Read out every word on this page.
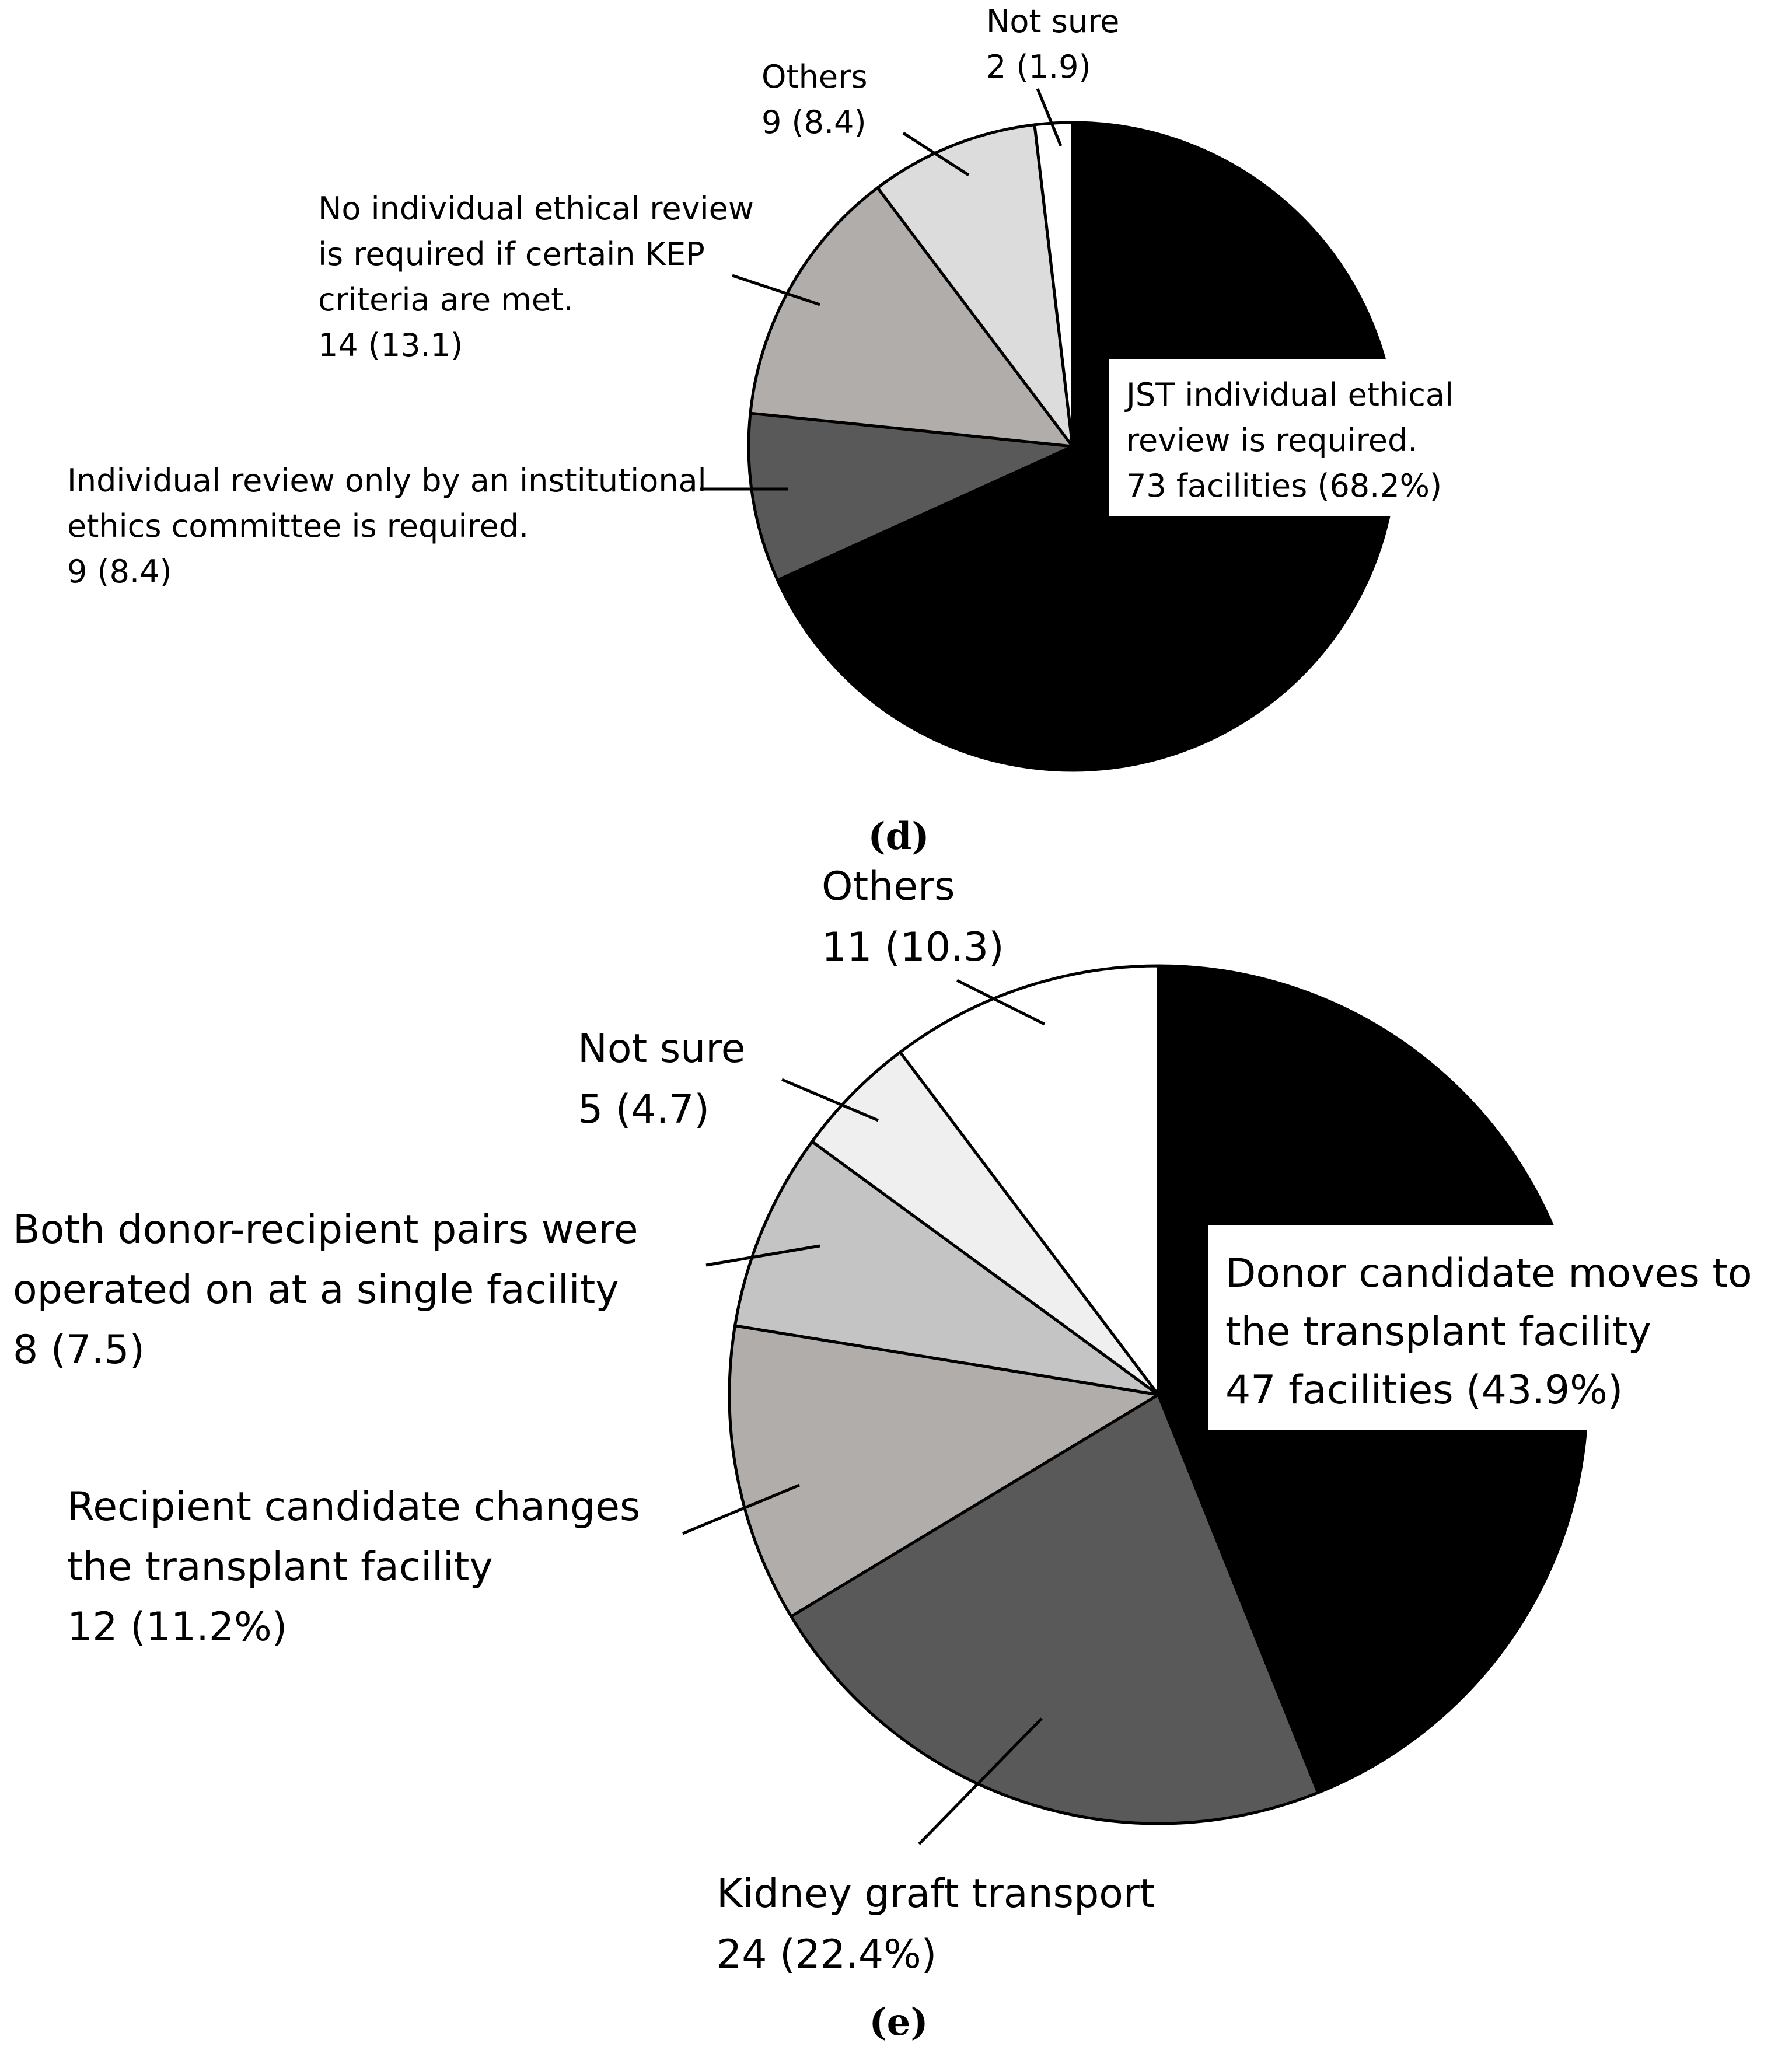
JST individual ethical review is required. 73 facilities (68.2%)
Individual review only by an institutional ethics committee is required. 9 (8.4)
No individual ethical review is required if certain KEP criteria are met. 14 (13.1)
Others 9 (8.4)
Not sure 2 (1.9)
(d)
Donor candidate moves to the transplant facility 47 facilities (43.9%)
Kidney graft transport 24 (22.4%)
Recipient candidate changes the transplant facility 12 (11.2%)
Both donor-recipient pairs were operated on at a single facility 8 (7.5)
Not sure 5 (4.7)
Others 11 (10.3)
(e)
